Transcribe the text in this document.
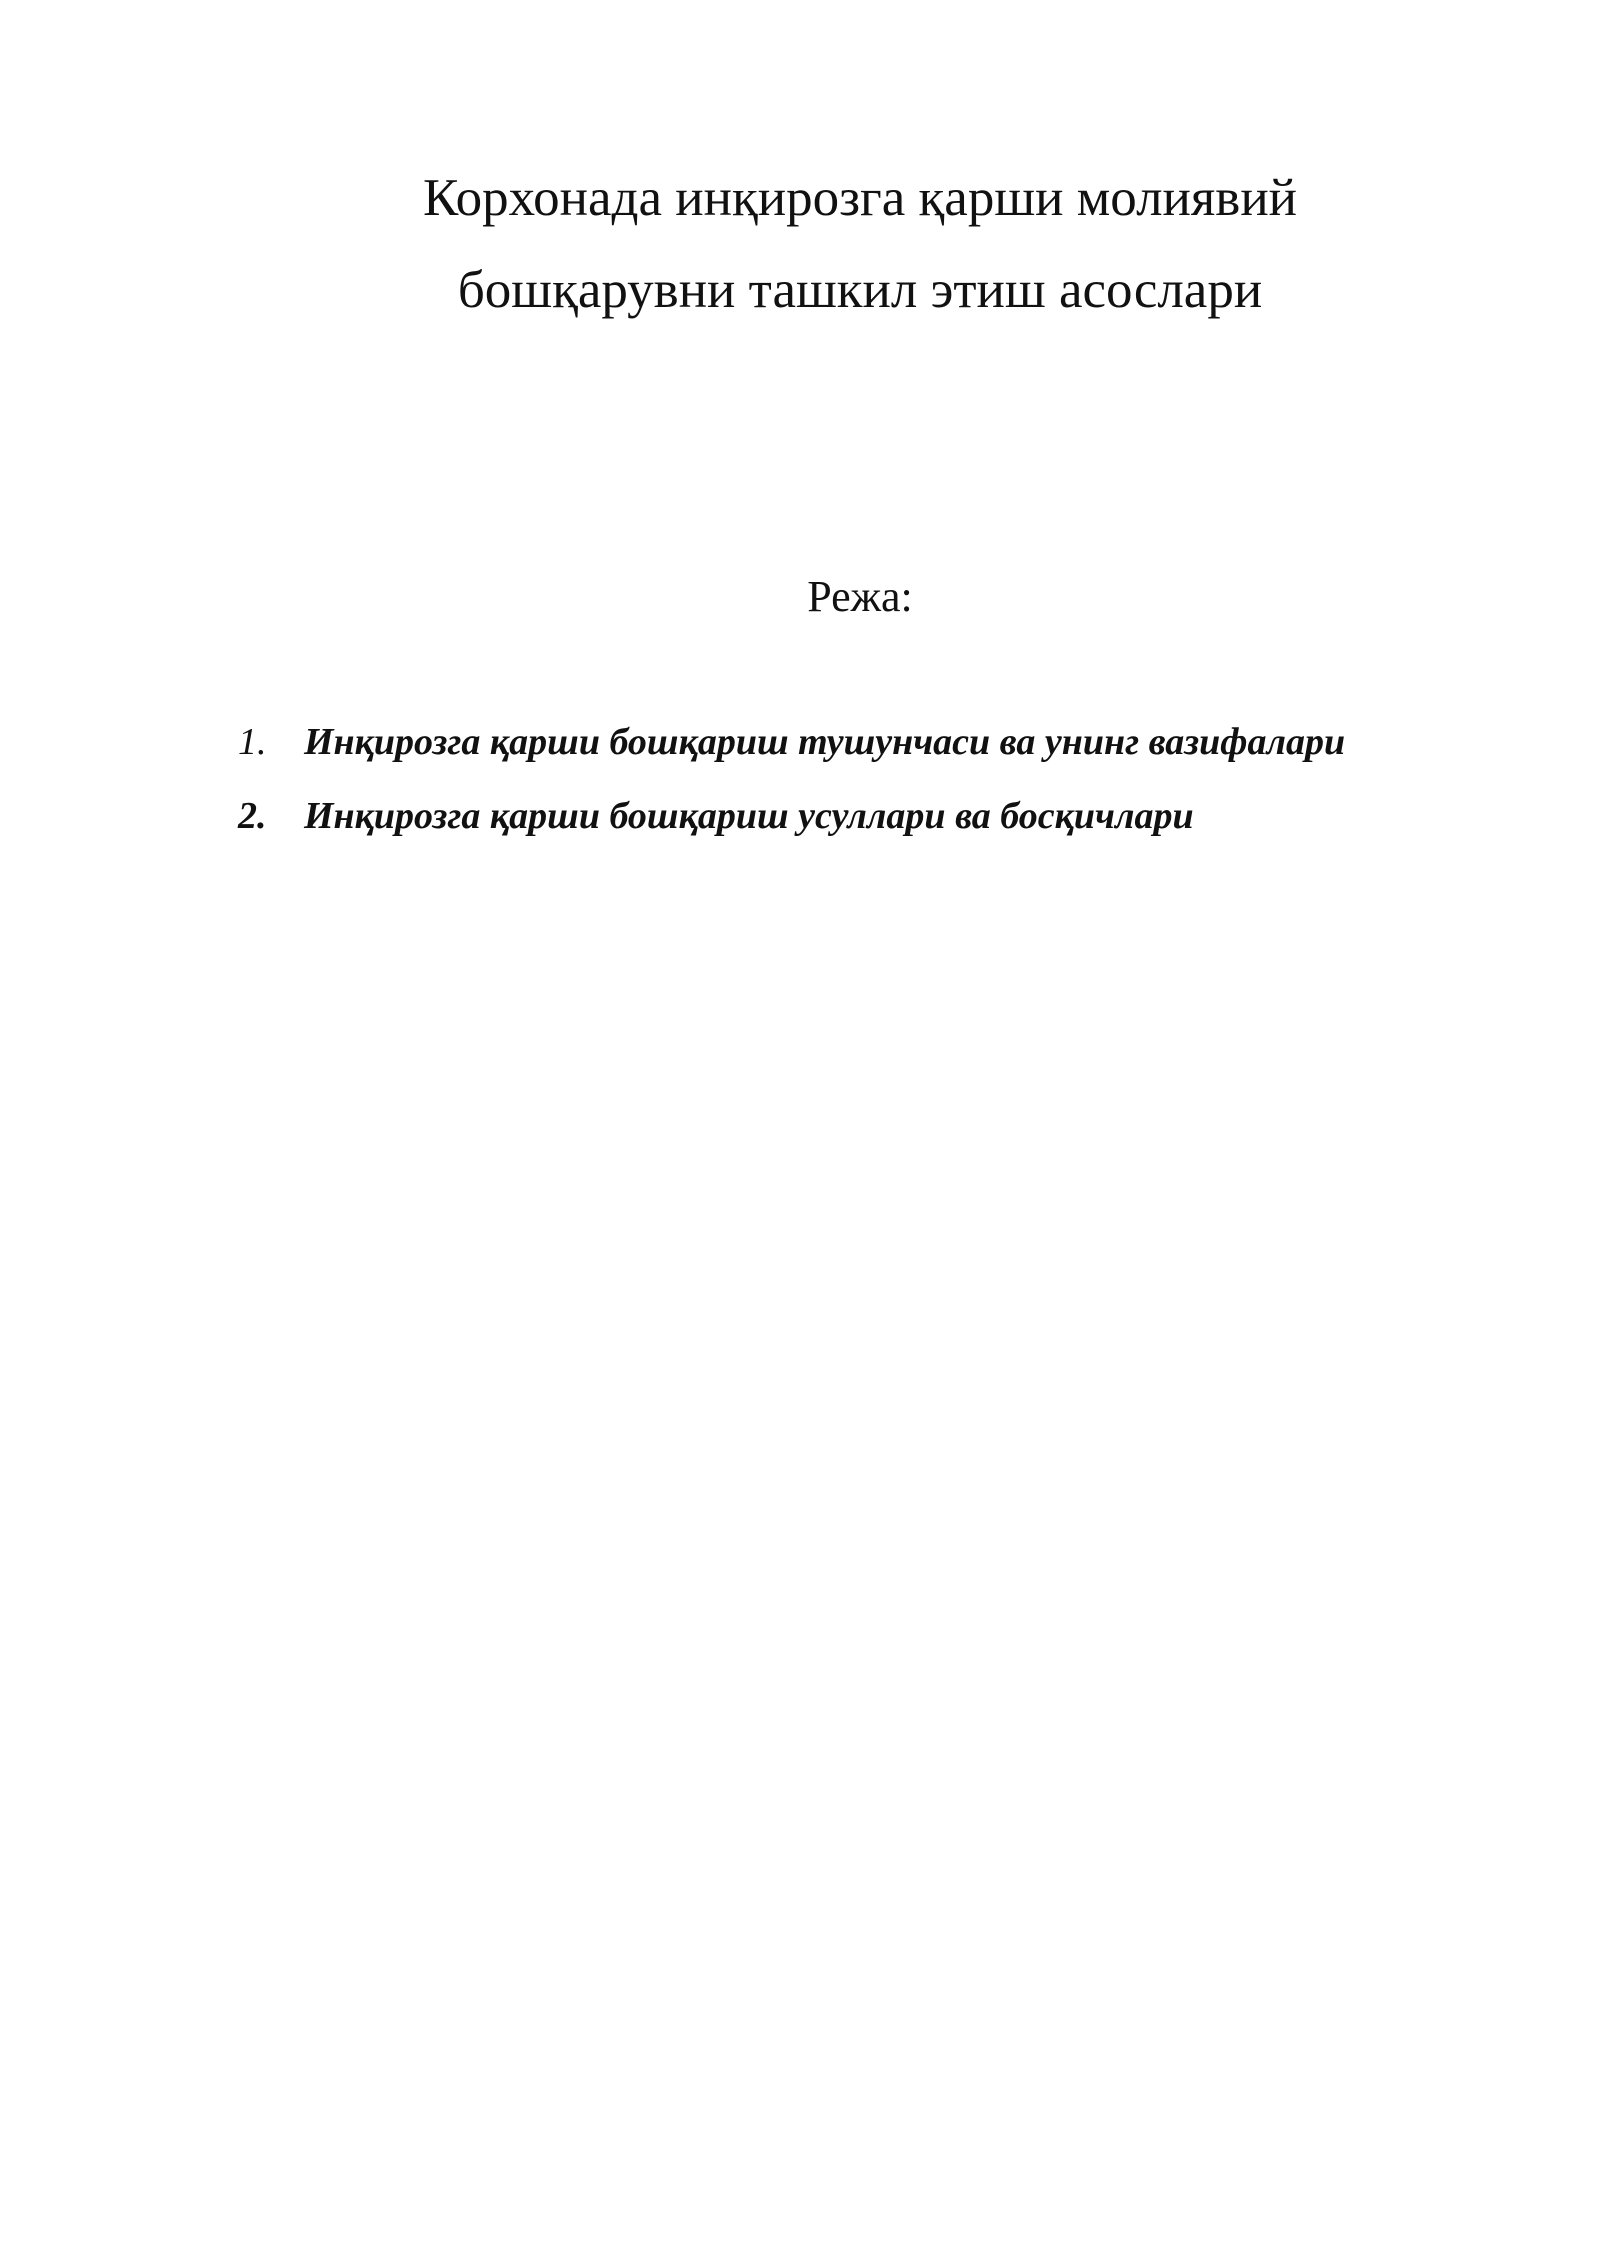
Корхонада инқирозга қарши молиявий
бошқарувни ташкил этиш асослари
Режа:
1. Инқирозга қарши бошқариш тушунчаси ва унинг вазифалари
2. Инқирозга қарши бошқариш усуллари ва босқичлари
